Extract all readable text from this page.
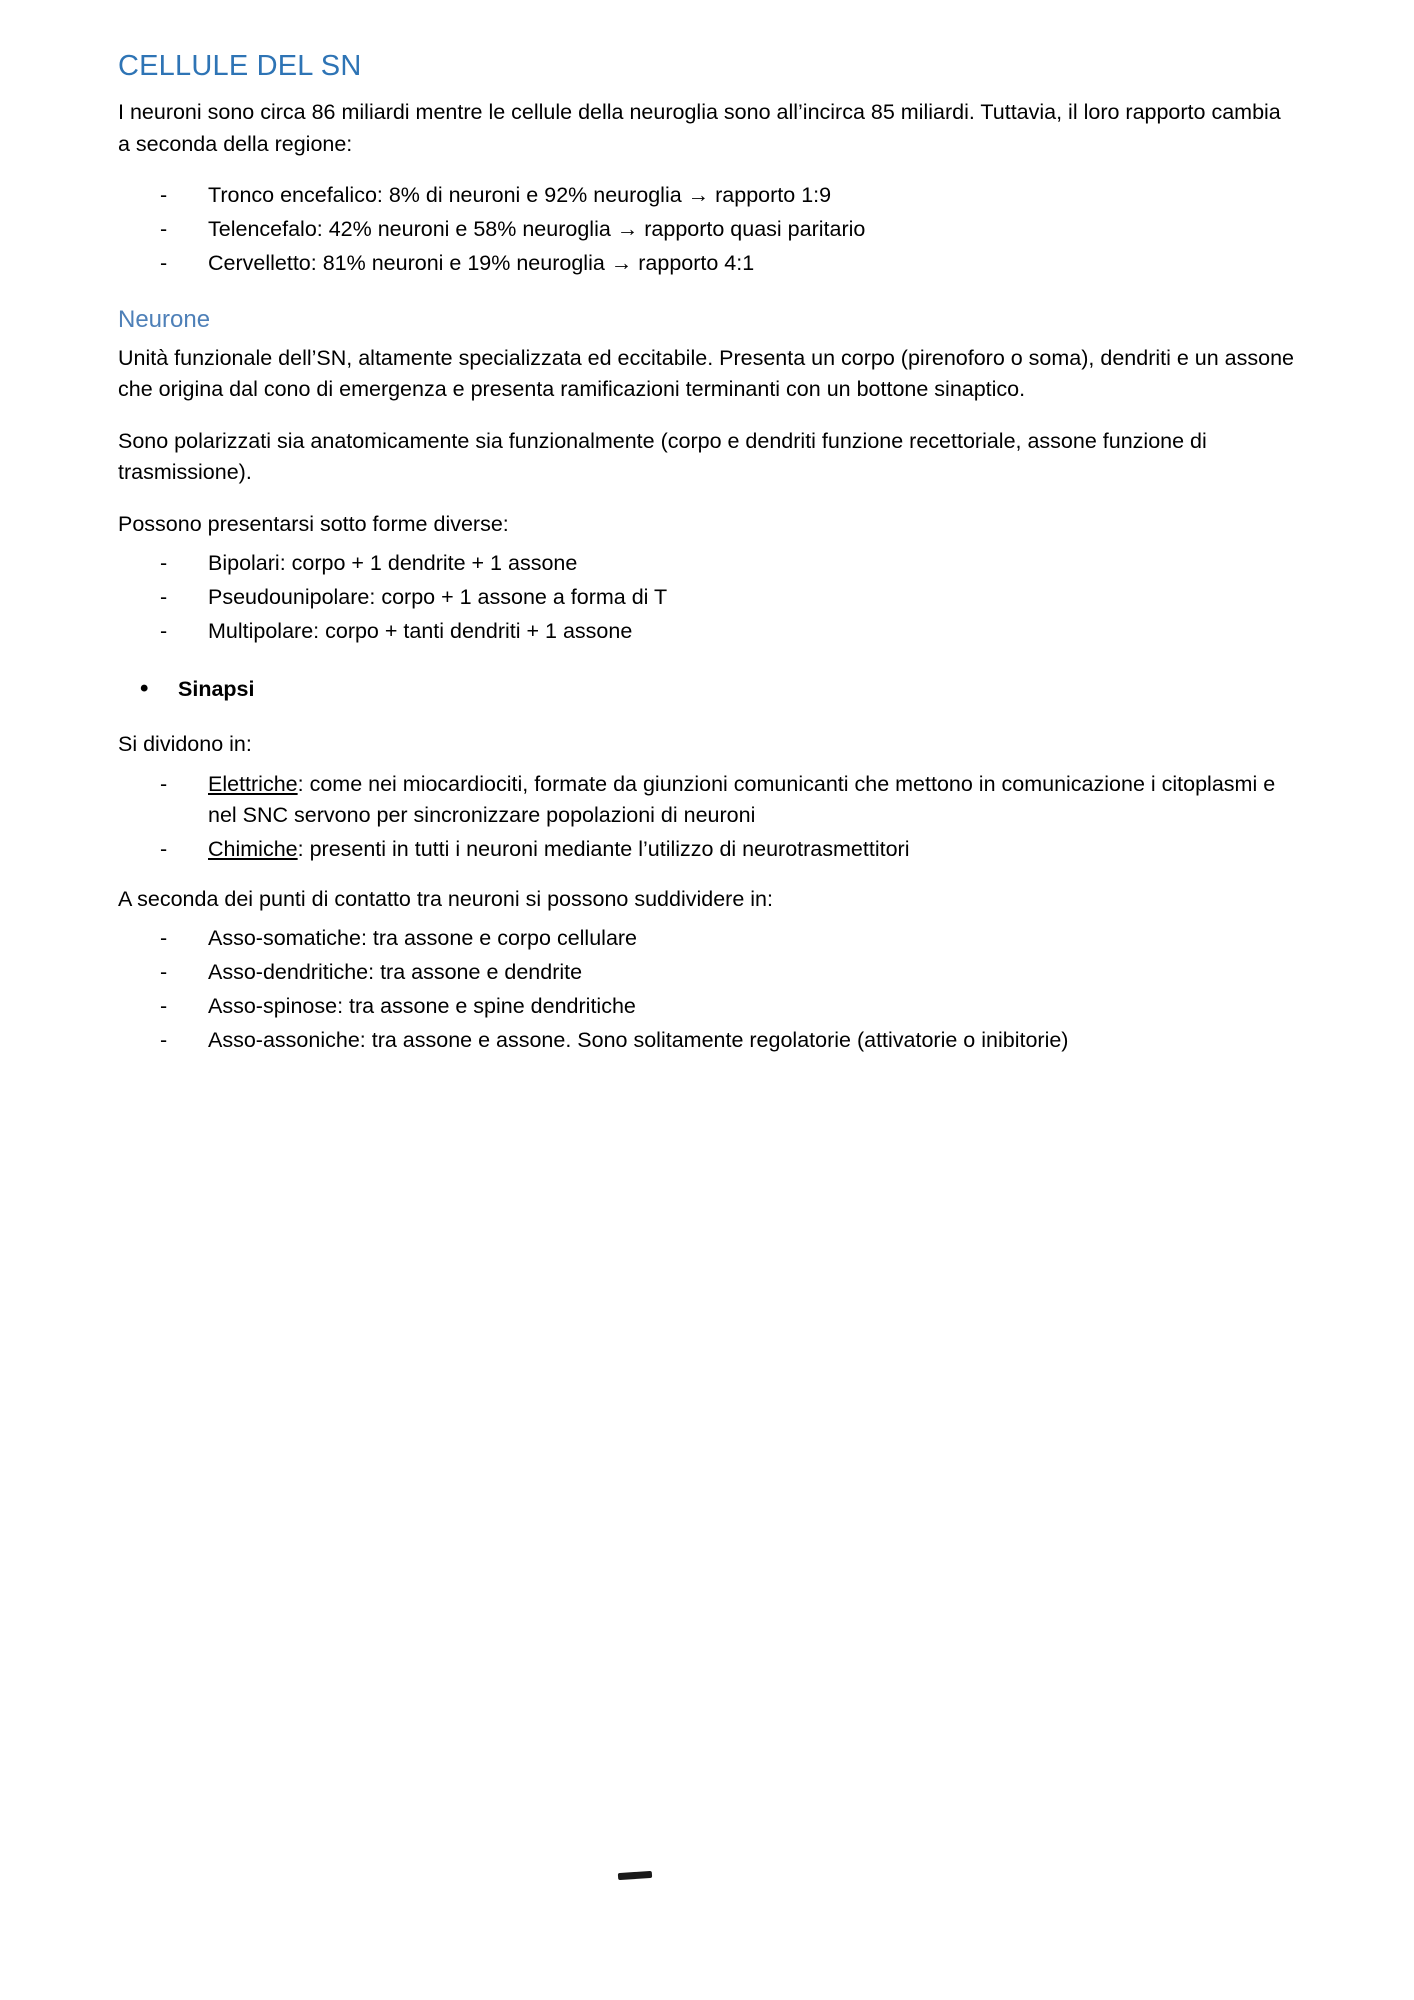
CELLULE DEL SN

I neuroni sono circa 86 miliardi mentre le cellule della neuroglia sono all’incirca 85 miliardi. Tuttavia, il loro rapporto cambia a seconda della regione:

- Tronco encefalico: 8% di neuroni e 92% neuroglia → rapporto 1:9
- Telencefalo: 42% neuroni e 58% neuroglia → rapporto quasi paritario
- Cervelletto: 81% neuroni e 19% neuroglia → rapporto 4:1
Neurone

Unità funzionale dell’SN, altamente specializzata ed eccitabile. Presenta un corpo (pirenoforo o soma), dendriti e un assone che origina dal cono di emergenza e presenta ramificazioni terminanti con un bottone sinaptico.

Sono polarizzati sia anatomicamente sia funzionalmente (corpo e dendriti funzione recettoriale, assone funzione di trasmissione).

Possono presentarsi sotto forme diverse:

- Bipolari: corpo + 1 dendrite + 1 assone
- Pseudounipolare: corpo + 1 assone a forma di T
- Multipolare: corpo + tanti dendriti + 1 assone
• Sinapsi

Si dividono in:

- Elettriche: come nei miocardiociti, formate da giunzioni comunicanti che mettono in comunicazione i citoplasmi e nel SNC servono per sincronizzare popolazioni di neuroni
- Chimiche: presenti in tutti i neuroni mediante l’utilizzo di neurotrasmettitori

A seconda dei punti di contatto tra neuroni si possono suddividere in:

- Asso-somatiche: tra assone e corpo cellulare
- Asso-dendritiche: tra assone e dendrite
- Asso-spinose: tra assone e spine dendritiche
- Asso-assoniche: tra assone e assone. Sono solitamente regolatorie (attivatorie o inibitorie)
